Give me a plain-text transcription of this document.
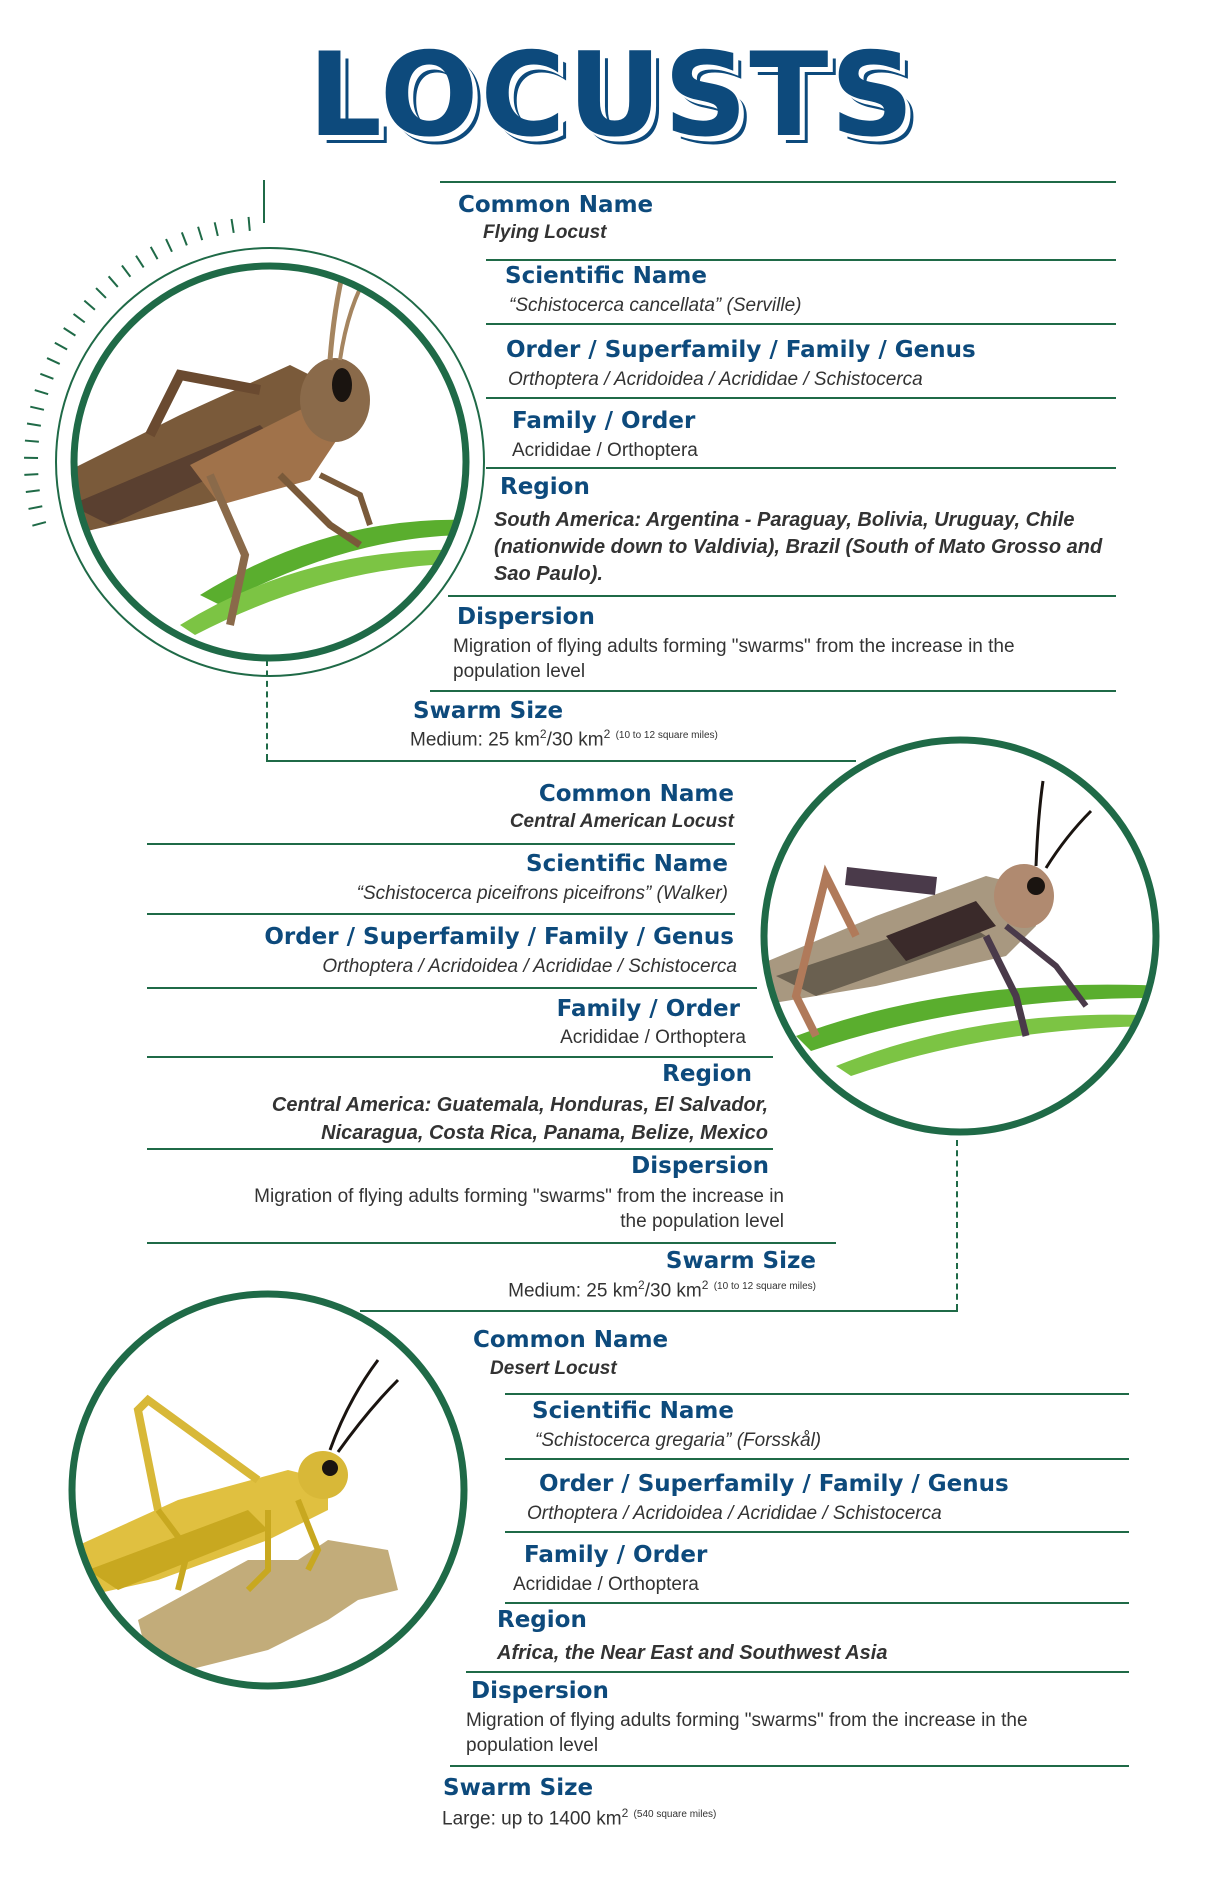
LOCUSTS
Common Name
Flying Locust
Scientific Name
“Schistocerca cancellata” (Serville)
Order / Superfamily / Family / Genus
Orthoptera / Acridoidea / Acrididae / Schistocerca
Family / Order
Acrididae / Orthoptera
Region
South America: Argentina - Paraguay, Bolivia, Uruguay, Chile (nationwide down to Valdivia), Brazil (South of Mato Grosso and Sao Paulo).
Dispersion
Migration of flying adults forming "swarms" from the increase in the population level
Swarm Size
Medium: 25 $km^2/30$ $km^2$ $^{(10 to 12 square miles)}$
Common Name
Central American Locust
Scientific Name
“Schistocerca piceifrons piceifrons” (Walker)
Order / Superfamily / Family / Genus
Orthoptera / Acridoidea / Acrididae / Schistocerca
Family / Order
Acrididae / Orthoptera
Region
Central America: Guatemala, Honduras, El Salvador,
Nicaragua, Costa Rica, Panama, Belize, Mexico
Dispersion
Migration of flying adults forming "swarms" from the increase in
the population level
Swarm Size
Medium: 25 $km^2/30$ $km^2$ $^{(10 to 12 square miles)}$
Common Name
Desert Locust
Scientific Name
“Schistocerca gregaria” (Forsskål)
Order / Superfamily / Family / Genus
Orthoptera / Acridoidea / Acrididae / Schistocerca
Family / Order
Acrididae / Orthoptera
Region
Africa, the Near East and Southwest Asia
Dispersion
Migration of flying adults forming "swarms" from the increase in the population level
Swarm Size
Large: up to 1400 $km^2$ $^{(540 square miles)}$
